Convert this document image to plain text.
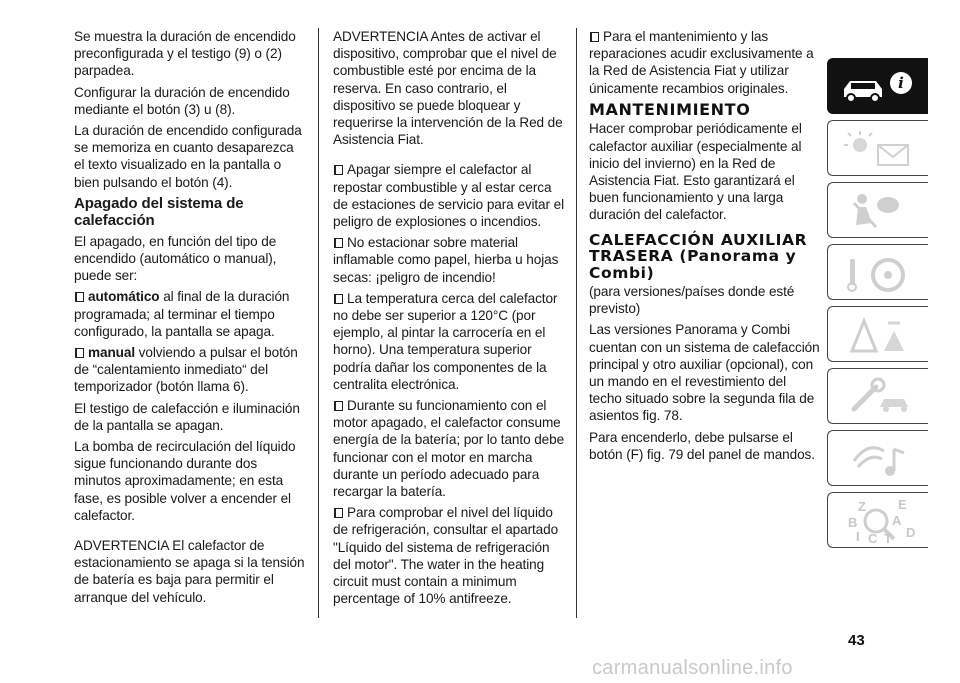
Se muestra la duración de encendido preconfigurada y el testigo (9) o (2) parpadea.

Configurar la duración de encendido mediante el botón (3) u (8).

La duración de encendido configurada se memoriza en cuanto desaparezca el texto visualizado en la pantalla o bien pulsando el botón (4).

Apagado del sistema de calefacción

El apagado, en función del tipo de encendido (automático o manual), puede ser:

automático al final de la duración programada; al terminar el tiempo configurado, la pantalla se apaga.

manual volviendo a pulsar el botón de “calentamiento inmediato“ del temporizador (botón llama 6).

El testigo de calefacción e iluminación de la pantalla se apagan.

La bomba de recirculación del líquido sigue funcionando durante dos minutos aproximadamente; en esta fase, es posible volver a encender el calefactor.

ADVERTENCIA El calefactor de estacionamiento se apaga si la tensión de batería es baja para permitir el arranque del vehículo.

ADVERTENCIA Antes de activar el dispositivo, comprobar que el nivel de combustible esté por encima de la reserva. En caso contrario, el dispositivo se puede bloquear y requerirse la intervención de la Red de Asistencia Fiat.

Apagar siempre el calefactor al repostar combustible y al estar cerca de estaciones de servicio para evitar el peligro de explosiones o incendios.

No estacionar sobre material inflamable como papel, hierba u hojas secas: ¡peligro de incendio!

La temperatura cerca del calefactor no debe ser superior a 120°C (por ejemplo, al pintar la carrocería en el horno). Una temperatura superior podría dañar los componentes de la centralita electrónica.

Durante su funcionamiento con el motor apagado, el calefactor consume energía de la batería; por lo tanto debe funcionar con el motor en marcha durante un período adecuado para recargar la batería.

Para comprobar el nivel del líquido de refrigeración, consultar el apartado "Líquido del sistema de refrigeración del motor". The water in the heating circuit must contain a minimum percentage of 10% antifreeze.

Para el mantenimiento y las reparaciones acudir exclusivamente a la Red de Asistencia Fiat y utilizar únicamente recambios originales.

MANTENIMIENTO

Hacer comprobar periódicamente el calefactor auxiliar (especialmente al inicio del invierno) en la Red de Asistencia Fiat. Esto garantizará el buen funcionamiento y una larga duración del calefactor.

CALEFACCIÓN AUXILIAR TRASERA (Panorama y Combi)

(para versiones/países donde esté previsto)

Las versiones Panorama y Combi cuentan con un sistema de calefacción principal y otro auxiliar (opcional), con un mando en el revestimiento del techo situado sobre la segunda fila de asientos fig. 78.

Para encenderlo, debe pulsarse el botón (F) fig. 79 del panel de mandos.

i
Z E
B	A
D
I C T
43
carmanualsonline.info
